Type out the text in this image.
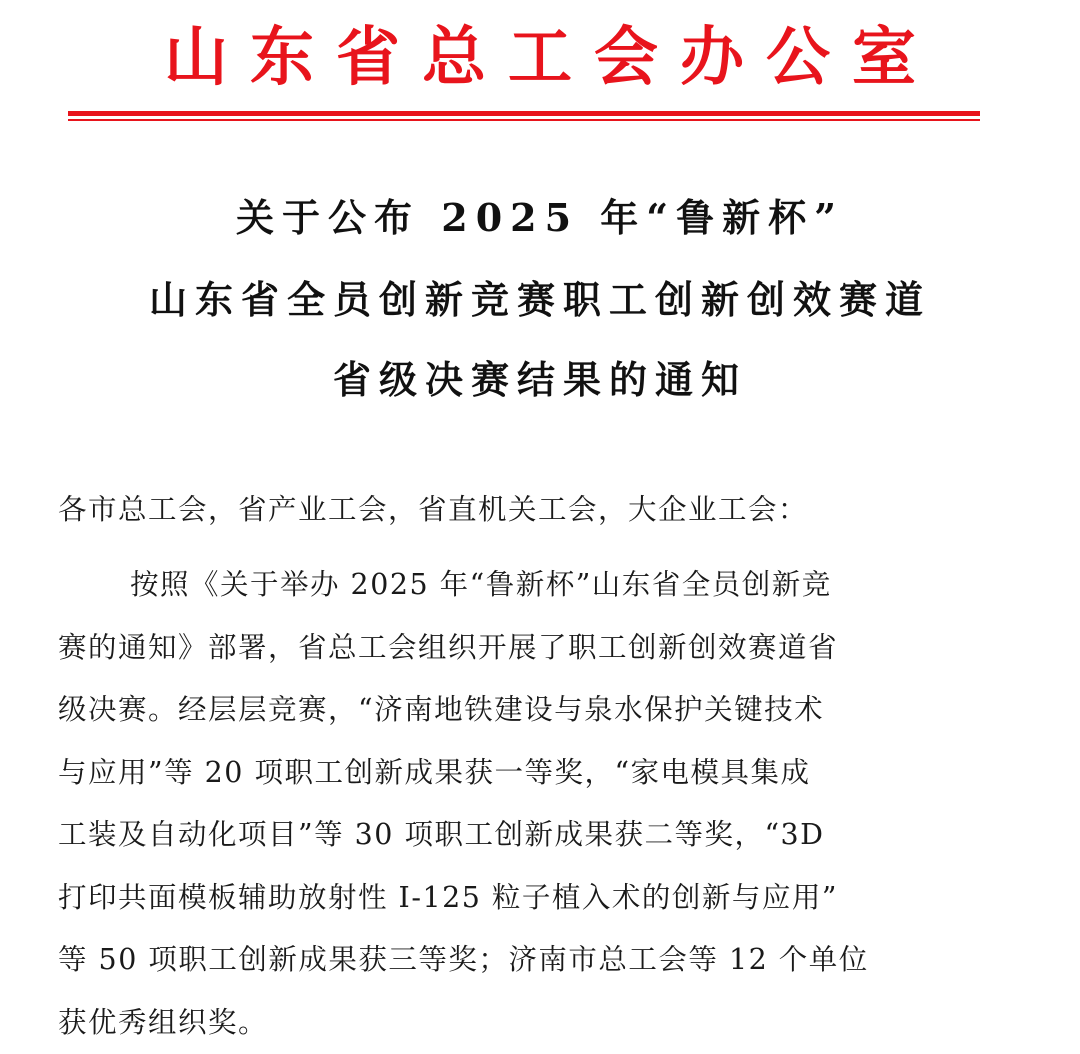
山东省总工会办公室
关于公布 2025 年“鲁新杯”
山东省全员创新竞赛职工创新创效赛道
省级决赛结果的通知
各市总工会，省产业工会，省直机关工会，大企业工会：
按照《关于举办 2025 年“鲁新杯”山东省全员创新竞
赛的通知》部署，省总工会组织开展了职工创新创效赛道省
级决赛。经层层竞赛，“济南地铁建设与泉水保护关键技术
与应用”等 20 项职工创新成果获一等奖，“家电模具集成
工装及自动化项目”等 30 项职工创新成果获二等奖，“3D
打印共面模板辅助放射性 I-125 粒子植入术的创新与应用”
等 50 项职工创新成果获三等奖；济南市总工会等 12 个单位
获优秀组织奖。
